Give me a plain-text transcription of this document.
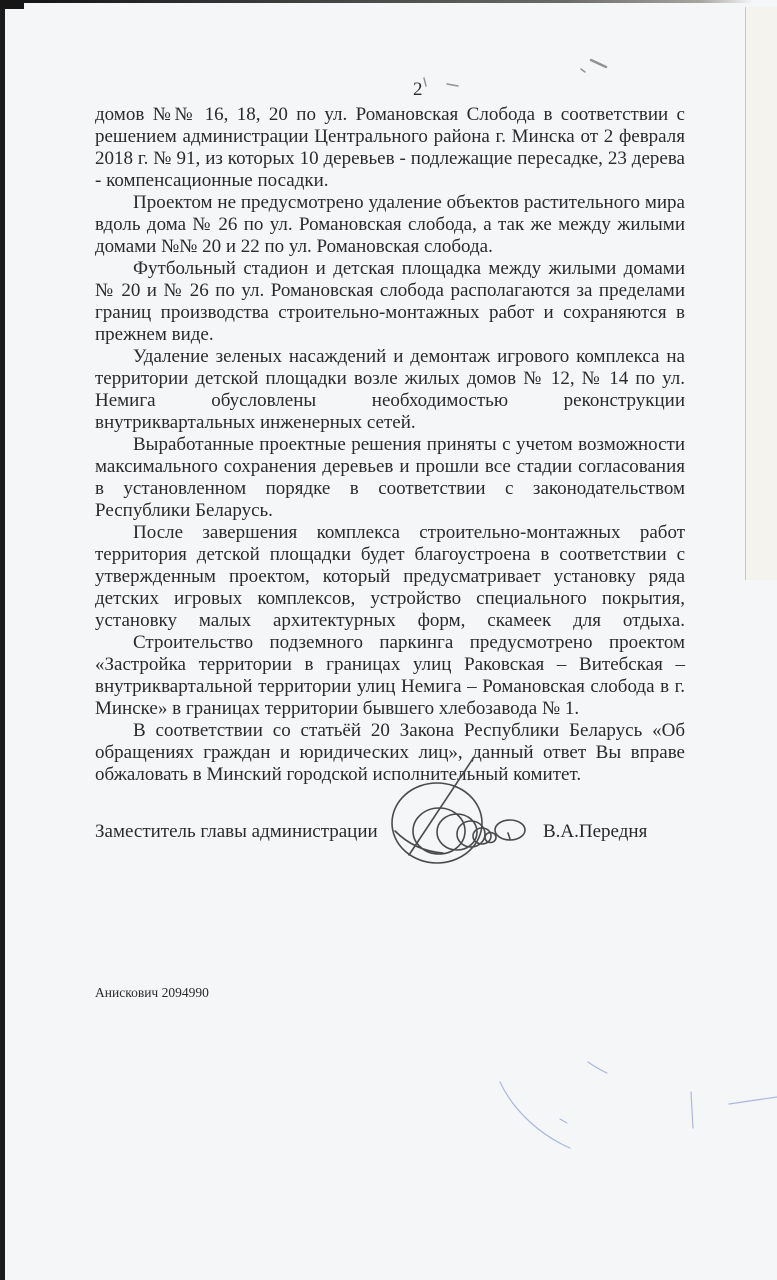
2

домов №№ 16, 18, 20 по ул. Романовская Слобода в соответствии с решением администрации Центрального района г. Минска от 2 февраля 2018 г. № 91, из которых 10 деревьев - подлежащие пересадке, 23 дерева - компенсационные посадки.

Проектом не предусмотрено удаление объектов растительного мира вдоль дома № 26 по ул. Романовская слобода, а так же между жилыми домами №№ 20 и 22 по ул. Романовская слобода.

Футбольный стадион и детская площадка между жилыми домами № 20 и № 26 по ул. Романовская слобода располагаются за пределами границ производства строительно-монтажных работ и сохраняются в прежнем виде.

Удаление зеленых насаждений и демонтаж игрового комплекса на территории детской площадки возле жилых домов № 12, № 14 по ул. Немига обусловлены необходимостью реконструкции внутриквартальных инженерных сетей.

Выработанные проектные решения приняты с учетом возможности максимального сохранения деревьев и прошли все стадии согласования в установленном порядке в соответствии с законодательством Республики Беларусь.

После завершения комплекса строительно-монтажных работ территория детской площадки будет благоустроена в соответствии с утвержденным проектом, который предусматривает установку ряда детских игровых комплексов, устройство специального покрытия, установку малых архитектурных форм, скамеек для отдыха.

Строительство подземного паркинга предусмотрено проектом «Застройка территории в границах улиц Раковская – Витебская – внутриквартальной территории улиц Немига – Романовская слобода в г. Минске» в границах территории бывшего хлебозавода № 1.

В соответствии со статьёй 20 Закона Республики Беларусь «Об обращениях граждан и юридических лиц», данный ответ Вы вправе обжаловать в Минский городской исполнительный комитет.

Заместитель главы администрации	В.А.Передня
Анискович 2094990
